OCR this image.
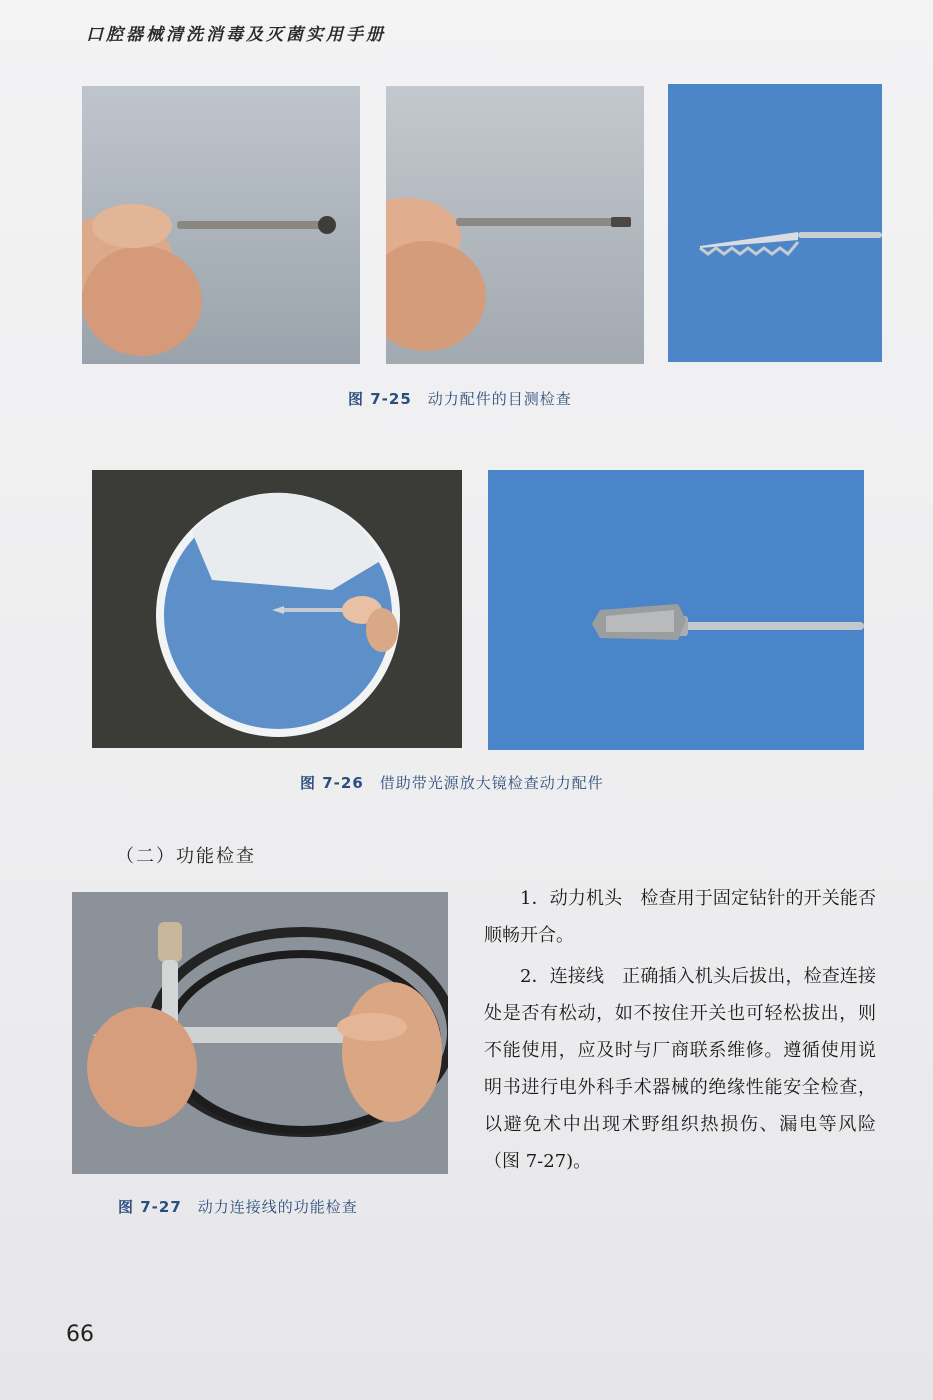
口腔器械清洗消毒及灭菌实用手册
图 7-25 动力配件的目测检查
图 7-26 借助带光源放大镜检查动力配件
（二）功能检查
图 7-27 动力连接线的功能检查

1．动力机头 检查用于固定钻针的开关能否顺畅开合。

2．连接线 正确插入机头后拔出，检查连接处是否有松动，如不按住开关也可轻松拔出，则不能使用，应及时与厂商联系维修。遵循使用说明书进行电外科手术器械的绝缘性能安全检查，以避免术中出现术野组织热损伤、漏电等风险（图 7-27)。

66
